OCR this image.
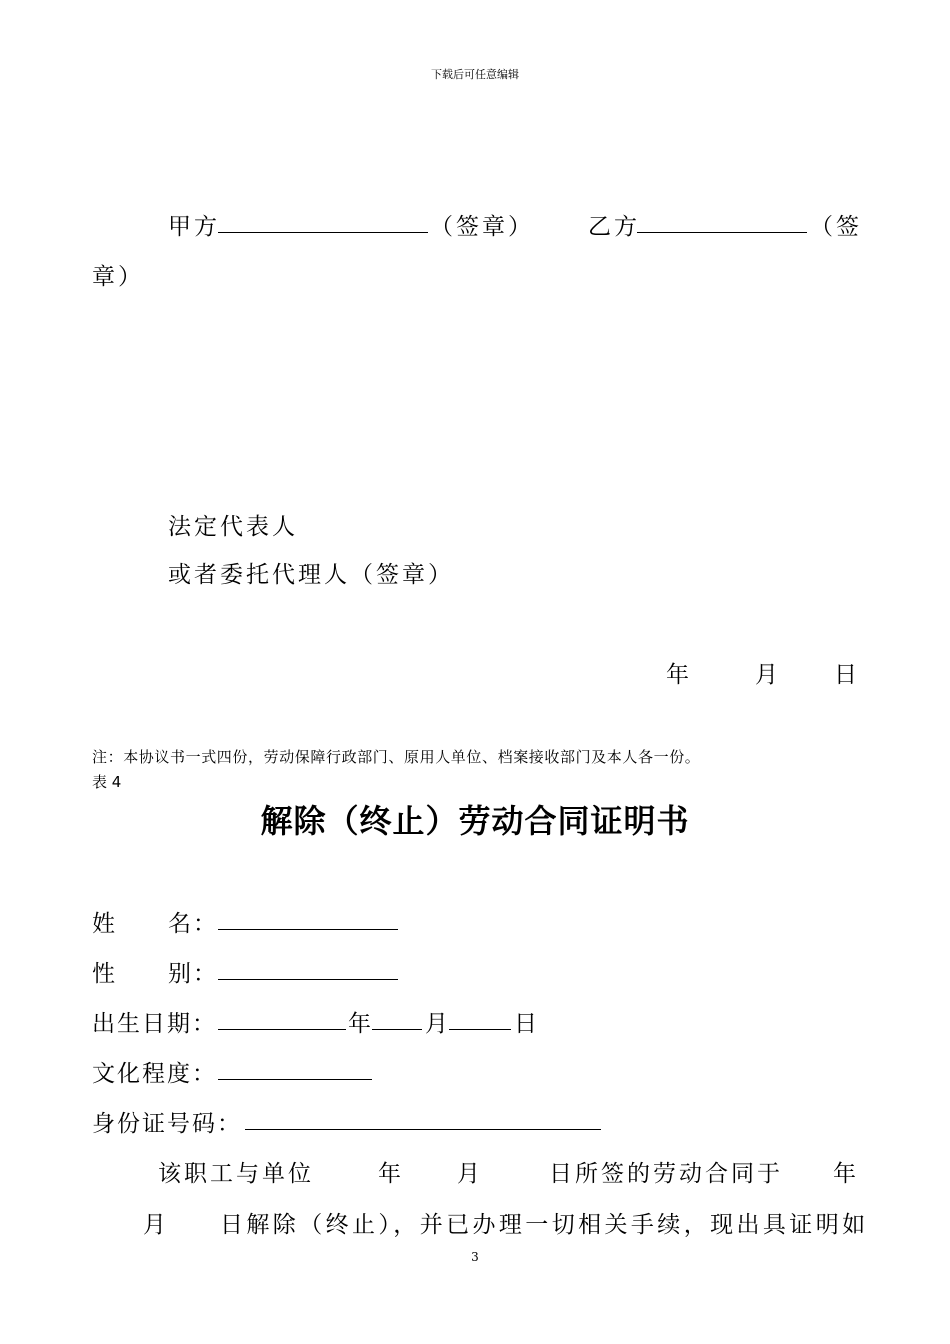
下载后可任意编辑
甲方	（签章） 乙方	（签
章）
法定代表人
或者委托代理人（签章）
年	月 日
注：本协议书一式四份，劳动保障行政部门、原用人单位、档案接收部门及本人各一份。
表 4
解除（终止）劳动合同证明书
姓 名：
性 别：
出生日期：	年 月	日
文化程度：
身份证号码：
该职工与单位	年 月	日所签的劳动合同于 年
月 日解除（终止），并已办理一切相关手续，现出具证明如
3
